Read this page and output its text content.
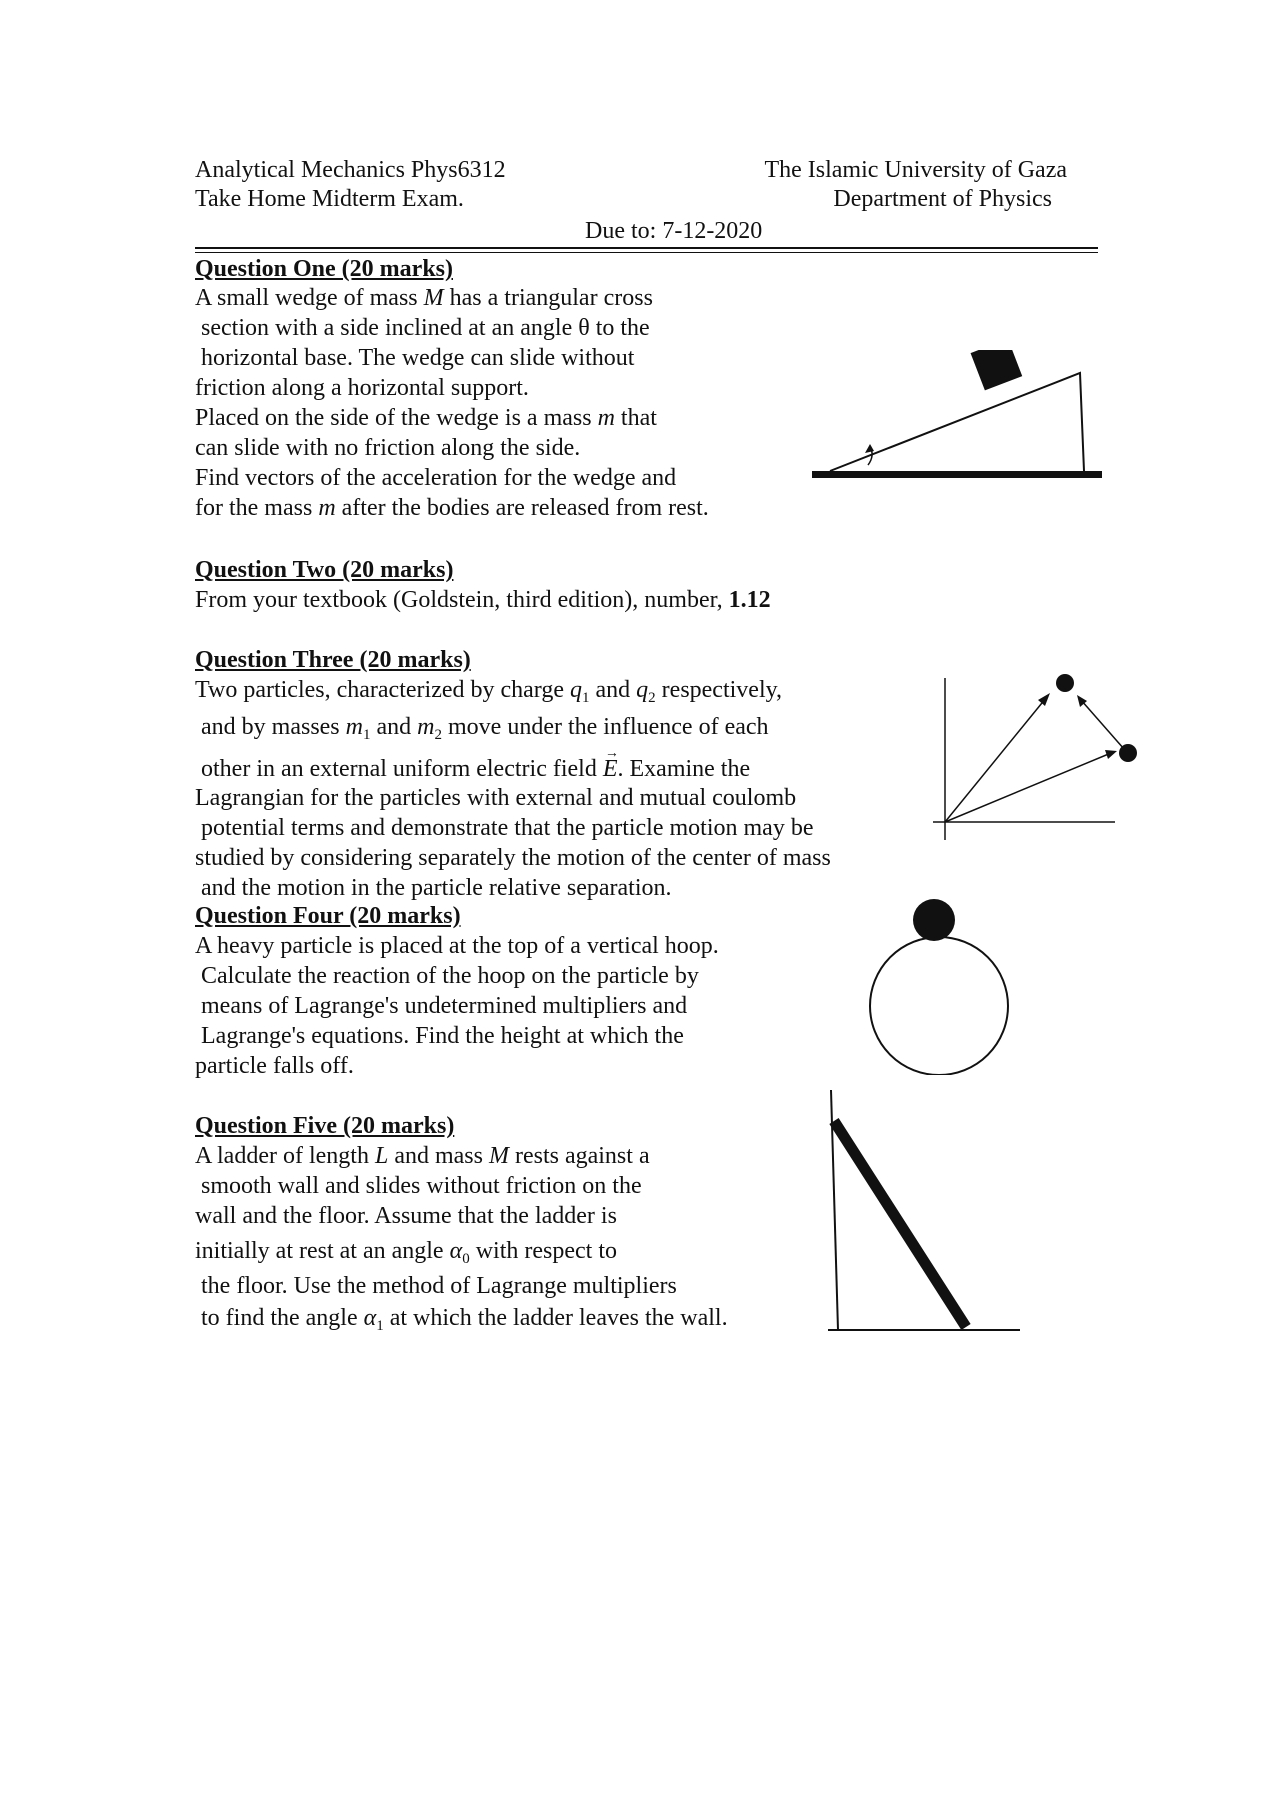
Analytical Mechanics Phys6312
Take Home Midterm Exam.
The Islamic University of Gaza
Department of Physics
Due to: 7-12-2020
Question One (20 marks)
A small wedge of mass M has a triangular cross
section with a side inclined at an angle θ to the
horizontal base. The wedge can slide without
friction along a horizontal support.
Placed on the side of the wedge is a mass m that
can slide with no friction along the side.
Find vectors of the acceleration for the wedge and
for the mass m after the bodies are released from rest.
Question Two (20 marks)
From your textbook (Goldstein, third edition), number, 1.12
Question Three (20 marks)
Two particles, characterized by charge $q_1$ and $q_2$ respectively,
and by masses $m_1$ and $m_2$ move under the influence of each
other in an external uniform electric field → E. Examine the
Lagrangian for the particles with external and mutual coulomb
potential terms and demonstrate that the particle motion may be
studied by considering separately the motion of the center of mass
and the motion in the particle relative separation.
Question Four (20 marks)
A heavy particle is placed at the top of a vertical hoop.
Calculate the reaction of the hoop on the particle by
means of Lagrange's undetermined multipliers and
Lagrange's equations. Find the height at which the
particle falls off.
Question Five (20 marks)
A ladder of length L and mass M rests against a
smooth wall and slides without friction on the
wall and the floor. Assume that the ladder is
initially at rest at an angle $\alpha_0$ with respect to
the floor. Use the method of Lagrange multipliers
to find the angle $\alpha_1$ at which the ladder leaves the wall.
